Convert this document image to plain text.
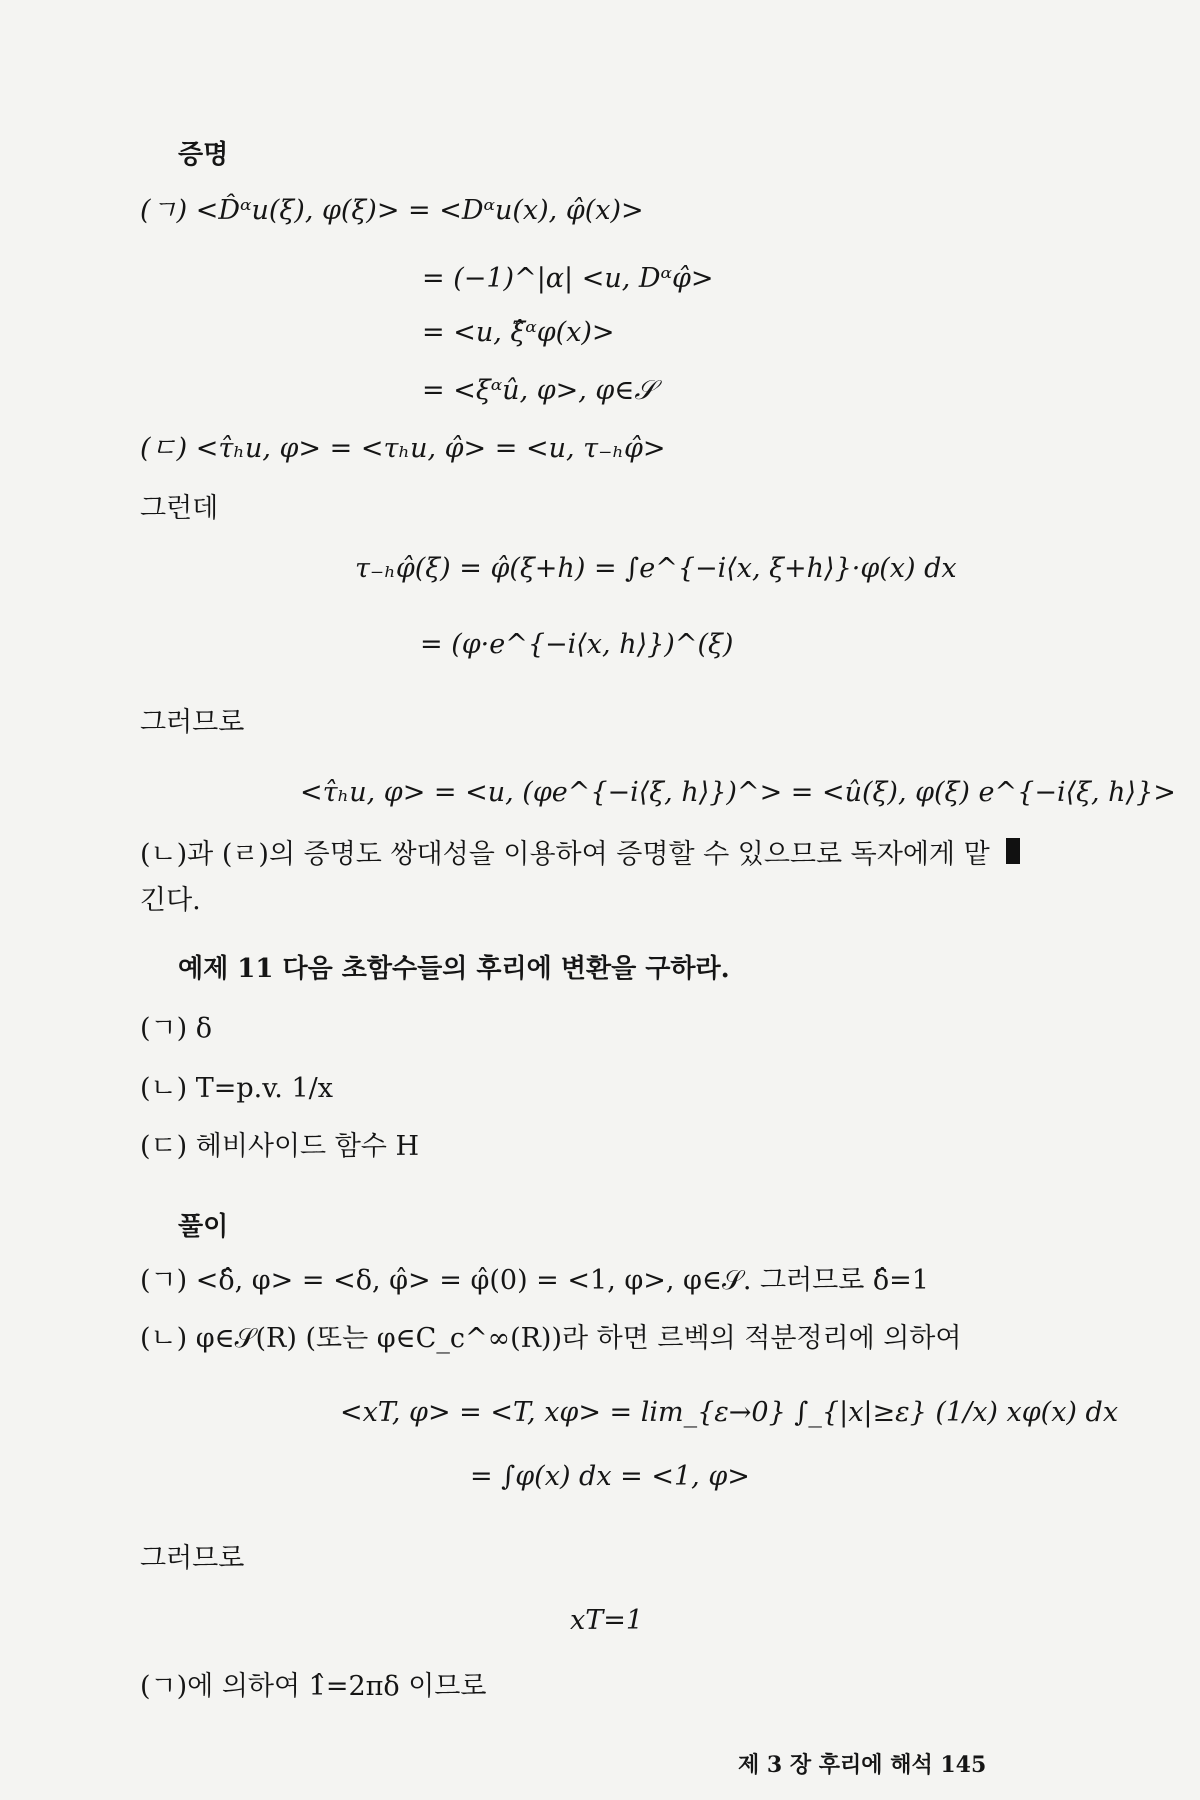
증명
(ㄱ) <D̂ᵅu(ξ), φ(ξ)> = <Dᵅu(x), φ̂(x)>
= (−1)^|α| <u, Dᵅφ̂>
= <u, ξ̂ᵅφ(x)>
= <ξᵅû, φ>, φ∈𝒮
(ㄷ) <τ̂ₕu, φ> = <τₕu, φ̂> = <u, τ₋ₕφ̂>
그런데
τ₋ₕφ̂(ξ) = φ̂(ξ+h) = ∫e^{−i⟨x, ξ+h⟩}·φ(x) dx
= (φ·e^{−i⟨x, h⟩})^(ξ)
그러므로
<τ̂ₕu, φ> = <u, (φe^{−i⟨ξ, h⟩})^> = <û(ξ), φ(ξ) e^{−i⟨ξ, h⟩}>
(ㄴ)과 (ㄹ)의 증명도 쌍대성을 이용하여 증명할 수 있으므로 독자에게 맡
긴다.
예제 11 다음 초함수들의 후리에 변환을 구하라.
(ㄱ) δ
(ㄴ) T=p.v. 1/x
(ㄷ) 헤비사이드 함수 H
풀이
(ㄱ) <δ̂, φ> = <δ, φ̂> = φ̂(0) = <1, φ>, φ∈𝒮. 그러므로 δ̂=1
(ㄴ) φ∈𝒮(R) (또는 φ∈C_c^∞(R))라 하면 르벡의 적분정리에 의하여
<xT, φ> = <T, xφ> = lim_{ε→0} ∫_{|x|≥ε} (1/x) xφ(x) dx
= ∫φ(x) dx = <1, φ>
그러므로
xT=1
(ㄱ)에 의하여 1̂=2πδ 이므로
제 3 장 후리에 해석 145
